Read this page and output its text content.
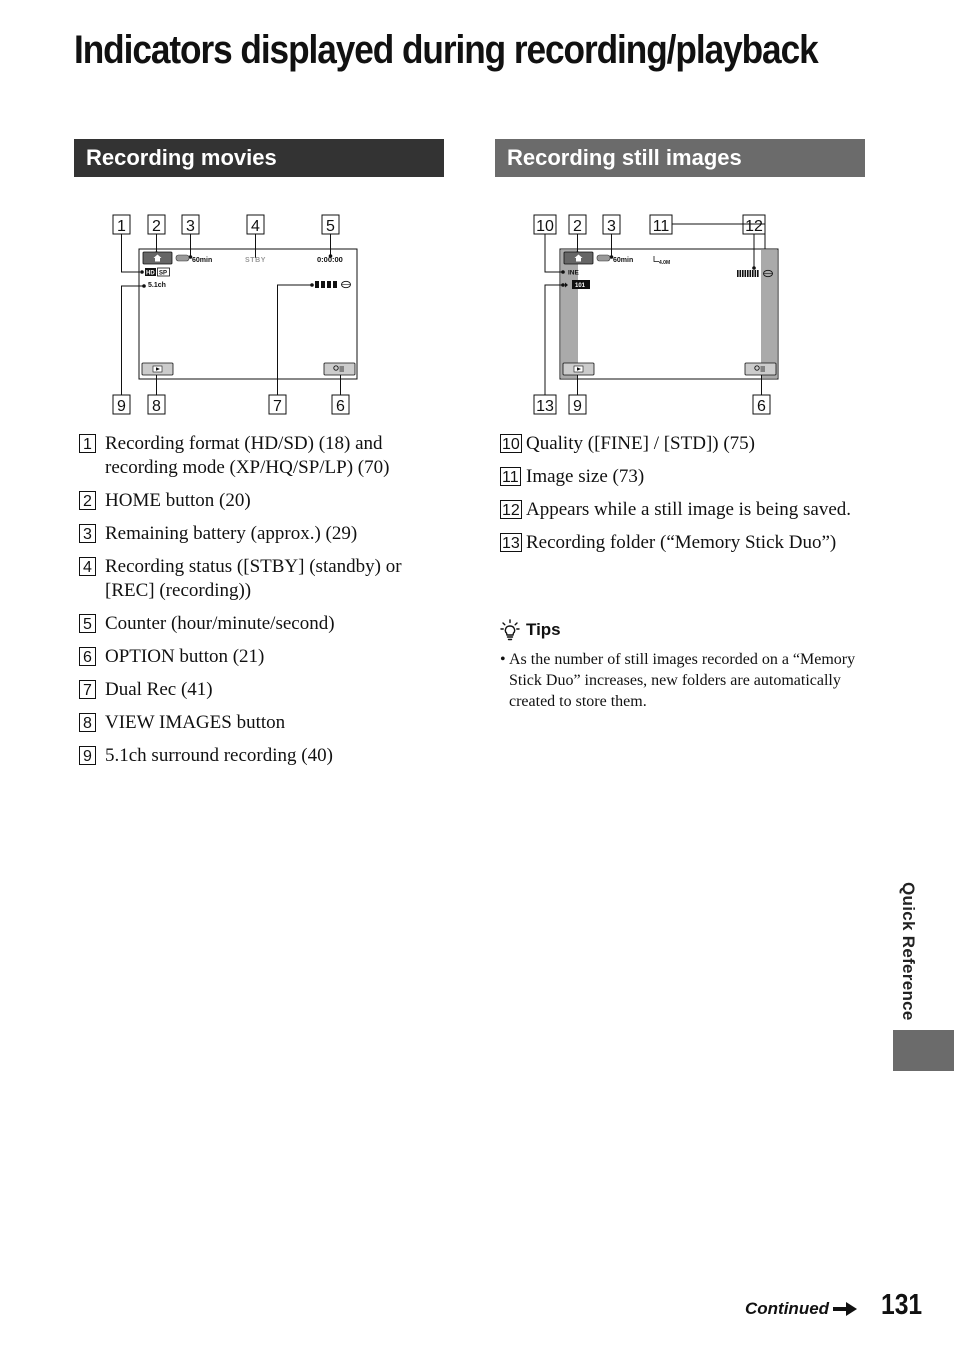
Indicators displayed during recording/playback
Recording movies	Recording still images
1 2 3	4	5
9 8	7	6
60min	STBY	0:00:00
HD SP
5.1ch
10 2 3 11	12
13 9	6
60min	4.0M
INE
101
1 Recording format (HD/SD) (18) and recording mode (XP/HQ/SP/LP) (70)
2 HOME button (20)
3 Remaining battery (approx.) (29)
4 Recording status ([STBY] (standby) or [REC] (recording))
5 Counter (hour/minute/second)
6 OPTION button (21)
7 Dual Rec (41)
8 VIEW IMAGES button
9 5.1ch surround recording (40)
10 Quality ([FINE] / [STD]) (75)
11 Image size (73)
12 Appears while a still image is being saved.
13 Recording folder (“Memory Stick Duo”)
Tips
• As the number of still images recorded on a “Memory Stick Duo” increases, new folders are automatically created to store them.
Quick Reference
Continued 131
